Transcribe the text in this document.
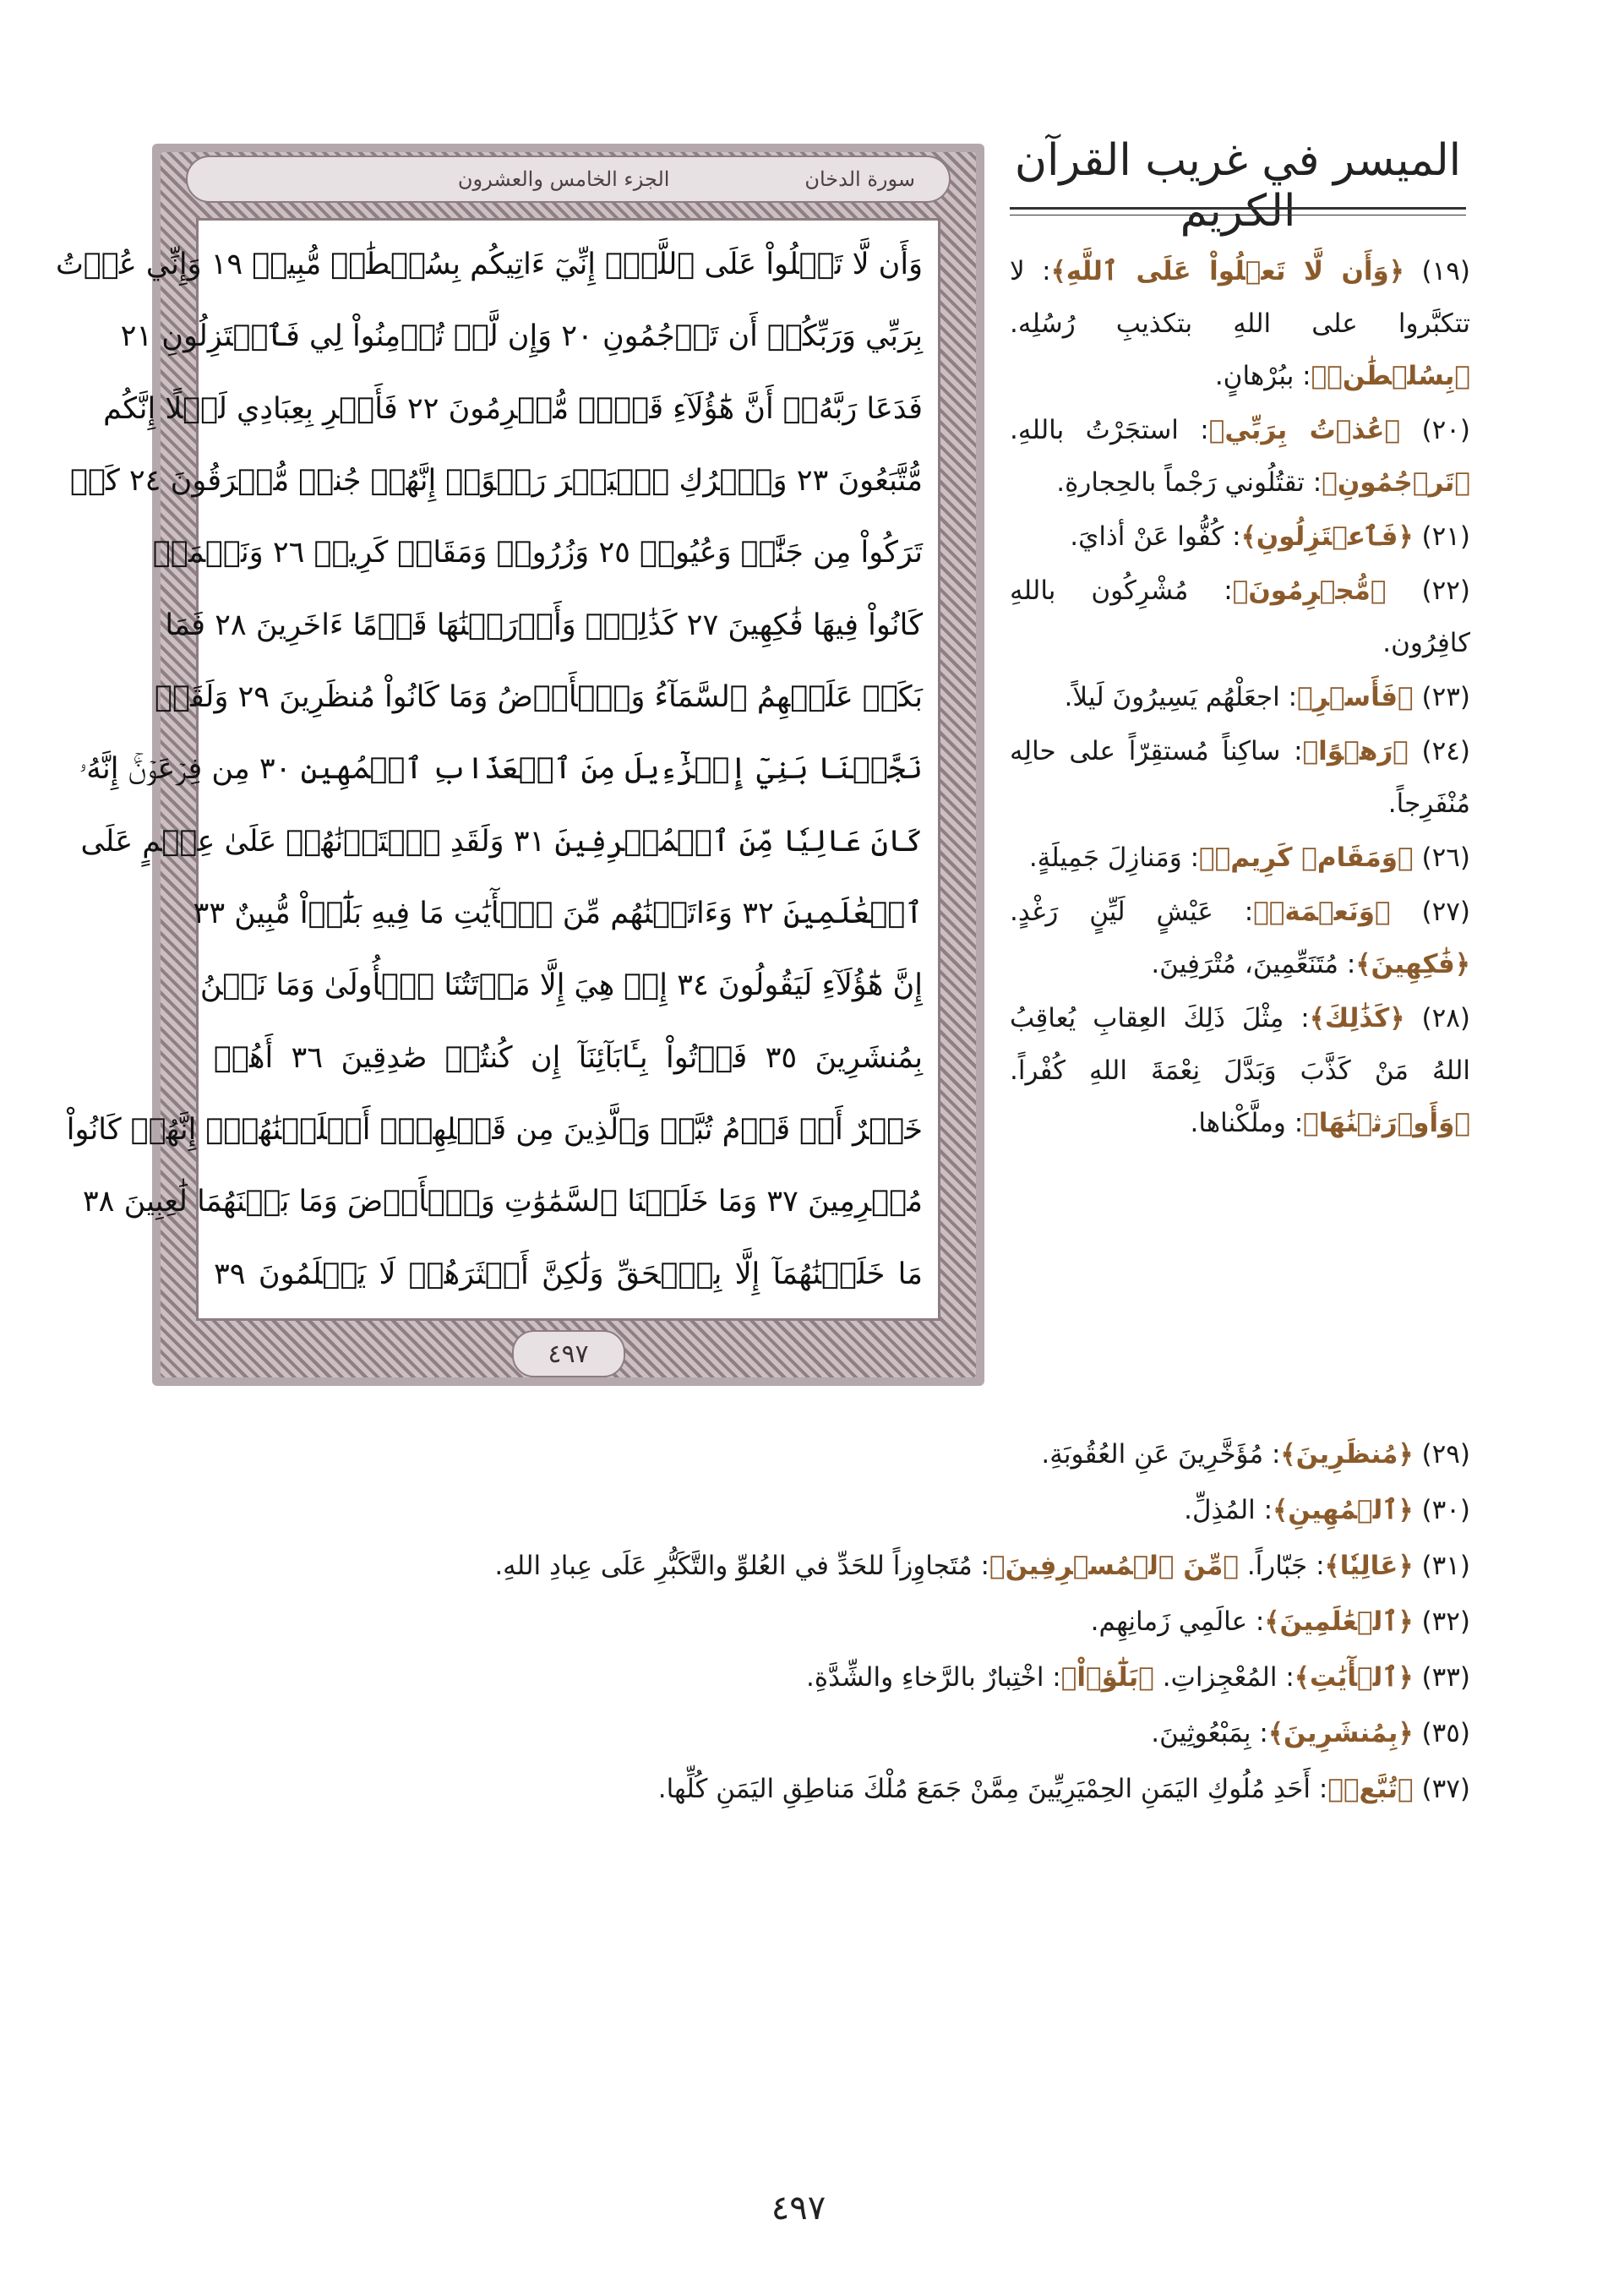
الميسر في غريب القرآن الكريم
سورة الدخان
الجزء الخامس والعشرون
وَأَن لَّا تَعۡلُواْ عَلَى ٱللَّهِۖ إِنِّيٓ ءَاتِيكُم بِسُلۡطَٰنٖ مُّبِينٖ ١٩ وَإِنِّي عُذۡتُ
بِرَبِّي وَرَبِّكُمۡ أَن تَرۡجُمُونِ ٢٠ وَإِن لَّمۡ تُؤۡمِنُواْ لِي فَٱعۡتَزِلُونِ ٢١
فَدَعَا رَبَّهُۥٓ أَنَّ هَٰٓؤُلَآءِ قَوۡمٞ مُّجۡرِمُونَ ٢٢ فَأَسۡرِ بِعِبَادِي لَيۡلًا إِنَّكُم
مُّتَّبَعُونَ ٢٣ وَٱتۡرُكِ ٱلۡبَحۡرَ رَهۡوًاۖ إِنَّهُمۡ جُندٞ مُّغۡرَقُونَ ٢٤ كَمۡ
تَرَكُواْ مِن جَنَّٰتٖ وَعُيُونٖ ٢٥ وَزُرُوعٖ وَمَقَامٖ كَرِيمٖ ٢٦ وَنَعۡمَةٖ
كَانُواْ فِيهَا فَٰكِهِينَ ٢٧ كَذَٰلِكَۖ وَأَوۡرَثۡنَٰهَا قَوۡمًا ءَاخَرِينَ ٢٨ فَمَا
بَكَتۡ عَلَيۡهِمُ ٱلسَّمَآءُ وَٱلۡأَرۡضُ وَمَا كَانُواْ مُنظَرِينَ ٢٩ وَلَقَدۡ
نَجَّيۡنَا بَنِيٓ إِسۡرَٰٓءِيلَ مِنَ ٱلۡعَذَابِ ٱلۡمُهِينِ ٣٠ مِن فِرۡعَوۡنَۚ إِنَّهُۥ
كَانَ عَالِيٗا مِّنَ ٱلۡمُسۡرِفِينَ ٣١ وَلَقَدِ ٱخۡتَرۡنَٰهُمۡ عَلَىٰ عِلۡمٍ عَلَى
ٱلۡعَٰلَمِينَ ٣٢ وَءَاتَيۡنَٰهُم مِّنَ ٱلۡأٓيَٰتِ مَا فِيهِ بَلَٰٓؤٞاْ مُّبِينٌ ٣٣
إِنَّ هَٰٓؤُلَآءِ لَيَقُولُونَ ٣٤ إِنۡ هِيَ إِلَّا مَوۡتَتُنَا ٱلۡأُولَىٰ وَمَا نَحۡنُ
بِمُنشَرِينَ ٣٥ فَأۡتُواْ بِـَٔابَآئِنَآ إِن كُنتُمۡ صَٰدِقِينَ ٣٦ أَهُمۡ
خَيۡرٌ أَمۡ قَوۡمُ تُبَّعٖ وَٱلَّذِينَ مِن قَبۡلِهِمۡۚ أَهۡلَكۡنَٰهُمۡۖ إِنَّهُمۡ كَانُواْ
مُجۡرِمِينَ ٣٧ وَمَا خَلَقۡنَا ٱلسَّمَٰوَٰتِ وَٱلۡأَرۡضَ وَمَا بَيۡنَهُمَا لَٰعِبِينَ ٣٨
مَا خَلَقۡنَٰهُمَآ إِلَّا بِٱلۡحَقِّ وَلَٰكِنَّ أَكۡثَرَهُمۡ لَا يَعۡلَمُونَ ٣٩
٤٩٧
(١٩) ﴿وَأَن لَّا تَعۡلُواْ عَلَى ٱللَّهِ﴾: لا تتكبَّروا على اللهِ بتكذيبِ رُسُلِه. ﴿بِسُلۡطَٰنٖ﴾: ببُرْهانٍ.
(٢٠) ﴿عُذۡتُ بِرَبِّي﴾: استجَرْتُ باللهِ. ﴿تَرۡجُمُونِ﴾: تقتُلُوني رَجْماً بالحِجارةِ.
(٢١) ﴿فَٱعۡتَزِلُونِ﴾: كُفُّوا عَنْ أذايَ.
(٢٢) ﴿مُّجۡرِمُونَ﴾: مُشْرِكُون باللهِ كافِرُون.
(٢٣) ﴿فَأَسۡرِ﴾: اجعَلْهُم يَسِيرُونَ لَيلاً.
(٢٤) ﴿رَهۡوًا﴾: ساكِناً مُستقِرّاً على حالِه مُنْفَرِجاً.
(٢٦) ﴿وَمَقَامٖ كَرِيمٖ﴾: وَمَنازِلَ جَمِيلَةٍ.
(٢٧) ﴿وَنَعۡمَةٖ﴾: عَيْشٍ لَيِّنٍ رَغْدٍ. ﴿فَٰكِهِينَ﴾: مُتَنَعِّمِينَ، مُتْرَفِينَ.
(٢٨) ﴿كَذَٰلِكَ﴾: مِثْلَ ذَلِكَ العِقابِ يُعاقِبُ اللهُ مَنْ كَذَّبَ وَبَدَّلَ نِعْمَةَ اللهِ كُفْراً. ﴿وَأَوۡرَثۡنَٰهَا﴾: وملَّكْناها.
(٢٩) ﴿مُنظَرِينَ﴾: مُؤَخَّرِينَ عَنِ العُقُوبَةِ.
(٣٠) ﴿ٱلۡمُهِينِ﴾: المُذِلِّ.
(٣١) ﴿عَالِيٗا﴾: جَبّاراً. ﴿مِّنَ ٱلۡمُسۡرِفِينَ﴾: مُتَجاوِزاً للحَدِّ في العُلوِّ والتَّكَبُّرِ عَلَى عِبادِ اللهِ.
(٣٢) ﴿ٱلۡعَٰلَمِينَ﴾: عالَمِي زَمانِهِم.
(٣٣) ﴿ٱلۡأٓيَٰتِ﴾: المُعْجِزاتِ. ﴿بَلَٰٓؤٞاْ﴾: اخْتِبارٌ بالرَّخاءِ والشِّدَّةِ.
(٣٥) ﴿بِمُنشَرِينَ﴾: بِمَبْعُوثِينَ.
(٣٧) ﴿تُبَّعٖ﴾: أَحَدِ مُلُوكِ اليَمَنِ الحِمْيَرِيِّينَ مِمَّنْ جَمَعَ مُلْكَ مَناطِقِ اليَمَنِ كُلِّها.
٤٩٧
